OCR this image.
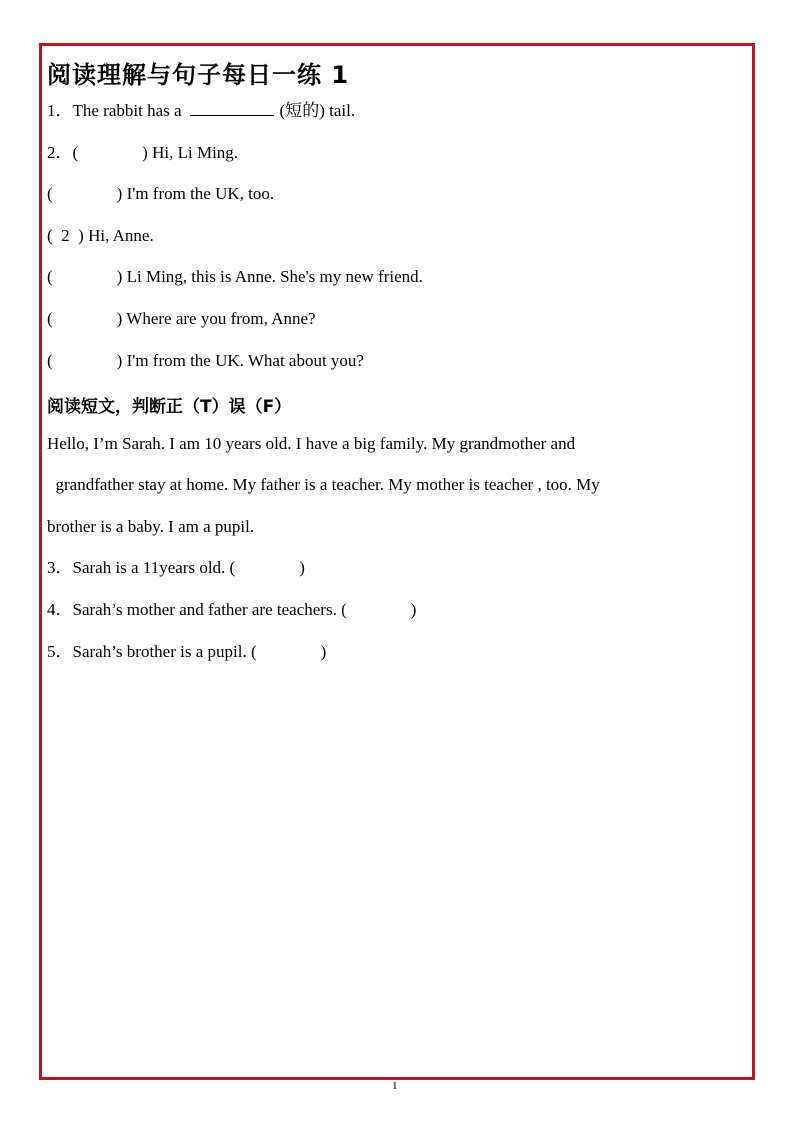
阅读理解与句子每日一练 1
1．The rabbit has a	(短的) tail.
2．(	) Hi, Li Ming.
(	) I'm from the UK, too.
( 2 ) Hi, Anne.
(	) Li Ming, this is Anne. She's my new friend.
(	) Where are you from, Anne?
(	) I'm from the UK. What about you?
阅读短文，判断正（T）误（F）
Hello, I’m Sarah. I am 10 years old. I have a big family. My grandmother and
grandfather stay at home. My father is a teacher. My mother is teacher , too. My
brother is a baby. I am a pupil.
3．Sarah is a 11years old. (	)
4．Sarah’s mother and father are teachers. (	)
5．Sarah’s brother is a pupil. (	)
1
